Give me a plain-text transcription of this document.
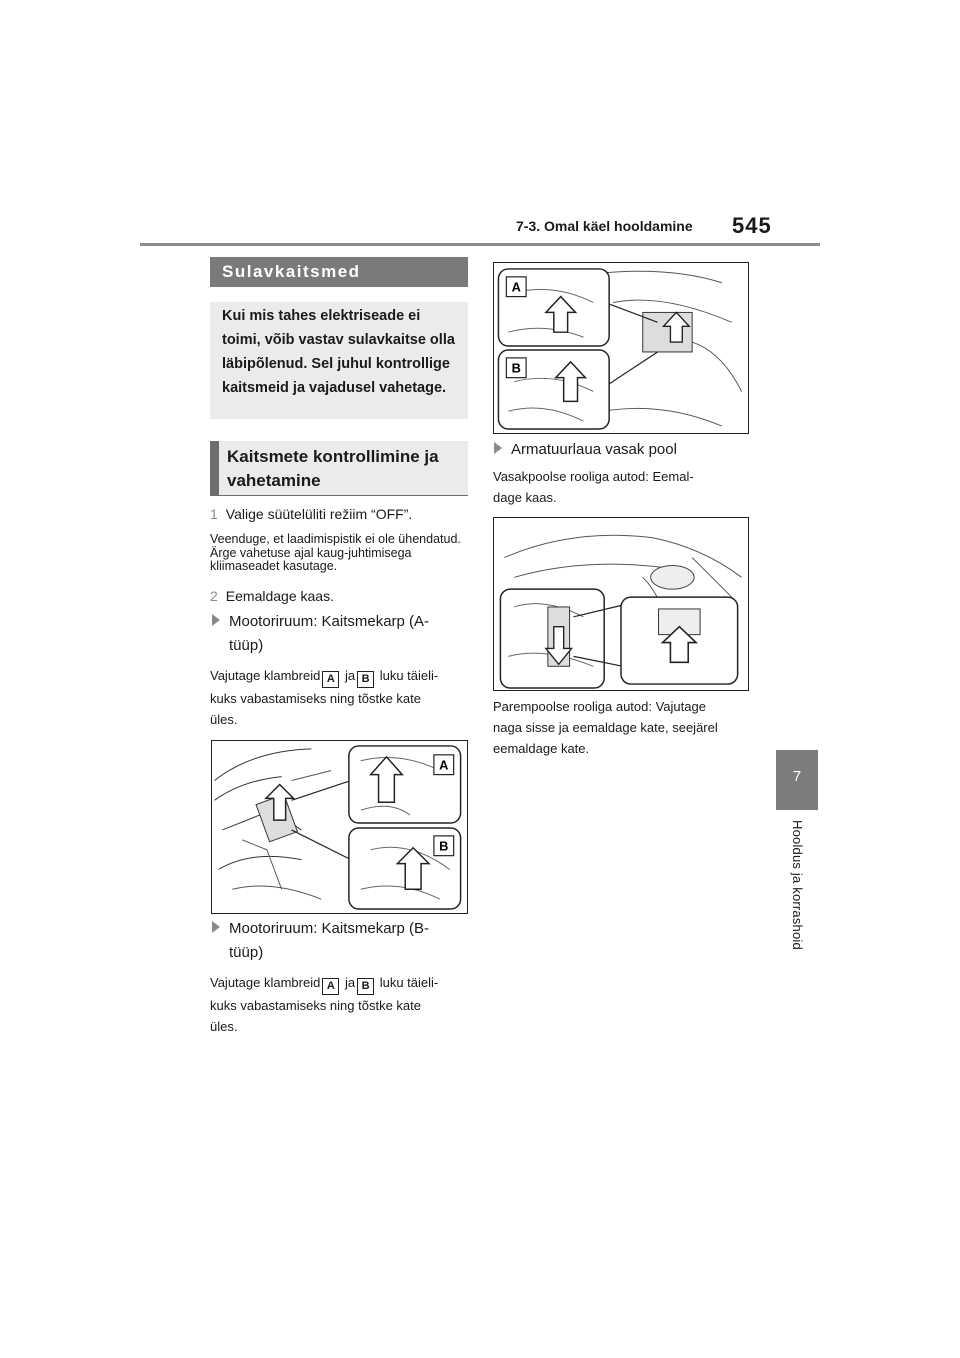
7-3. Omal käel hooldamine 545
7
Hooldus ja korrashoid
Sulavkaitsmed
Kui mis tahes elektriseade ei toimi, võib vastav sulavkaitse olla läbipõlenud. Sel juhul kontrollige kaitsmeid ja vajadusel vahetage.
Kaitsmete kontrollimine ja vahetamine
1 Valige süütelüliti režiim “OFF”.
Veenduge, et laadimispistik ei ole ühendatud. Ärge vahetuse ajal kaug-juhtimisega kliimaseadet kasutage.
2 Eemaldage kaas.
Mootoriruum: Kaitsmekarp (A-
tüüp)
Vajutage klambreid A ja B luku täieli-
kuks vabastamiseks ning tõstke kate
üles.
A
B
Mootoriruum: Kaitsmekarp (B-
tüüp)
Vajutage klambreid A ja B luku täieli-
kuks vabastamiseks ning tõstke kate
üles.
A
B
Armatuurlaua vasak pool
Vasakpoolse rooliga autod: Eemal-
dage kaas.
Parempoolse rooliga autod: Vajutage
naga sisse ja eemaldage kate, seejärel
eemaldage kate.
